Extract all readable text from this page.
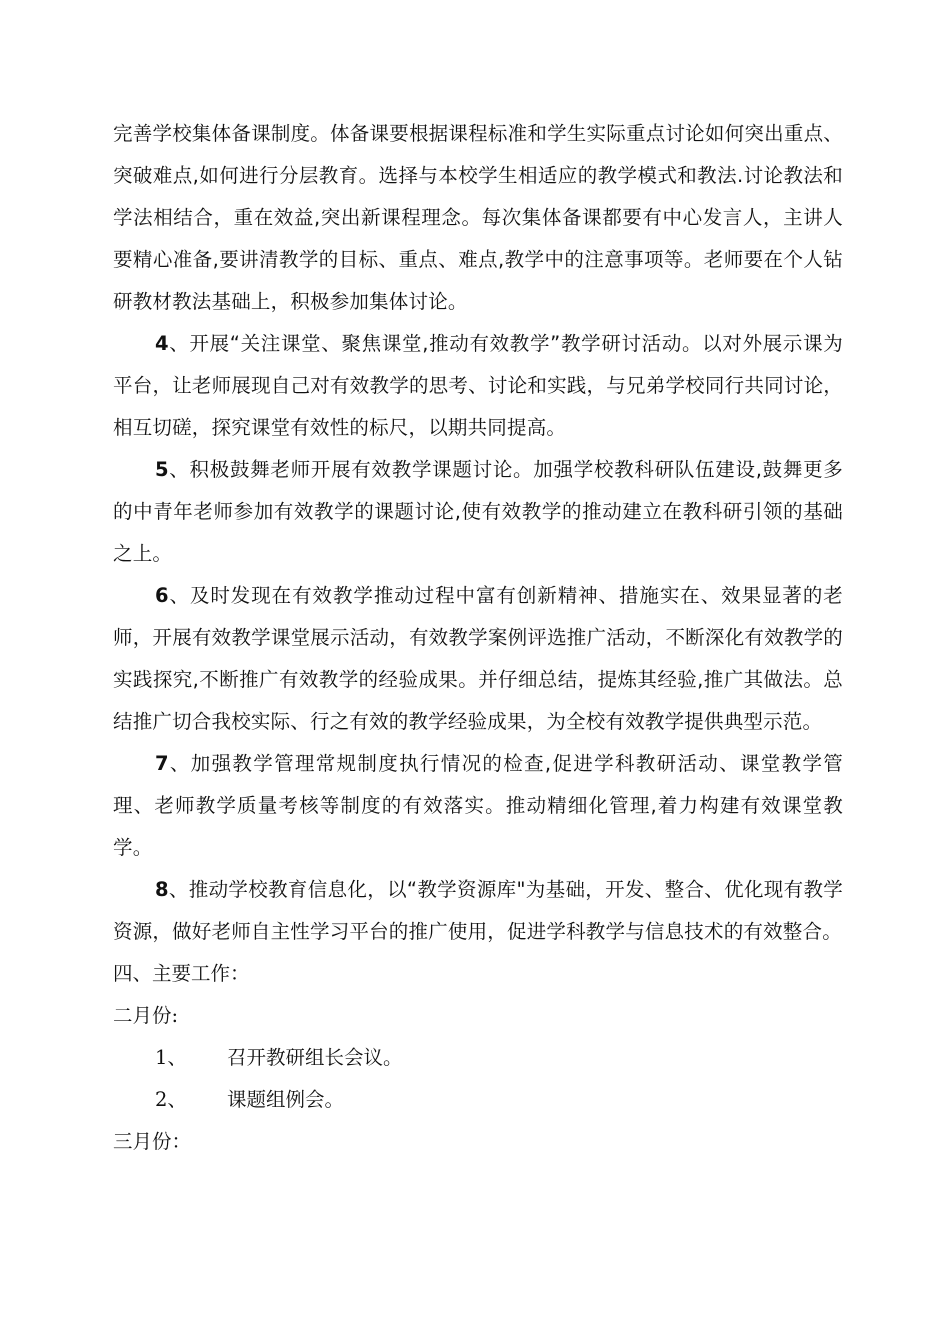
完善学校集体备课制度。体备课要根据课程标准和学生实际重点讨论如何突出重点、突破难点,如何进行分层教育。选择与本校学生相适应的教学模式和教法.讨论教法和学法相结合，重在效益,突出新课程理念。每次集体备课都要有中心发言人，主讲人要精心准备,要讲清教学的目标、重点、难点,教学中的注意事项等。老师要在个人钻研教材教法基础上，积极参加集体讨论。

4、开展“关注课堂、聚焦课堂,推动有效教学”教学研讨活动。以对外展示课为平台，让老师展现自己对有效教学的思考、讨论和实践，与兄弟学校同行共同讨论，相互切磋，探究课堂有效性的标尺，以期共同提高。

5、积极鼓舞老师开展有效教学课题讨论。加强学校教科研队伍建设,鼓舞更多的中青年老师参加有效教学的课题讨论,使有效教学的推动建立在教科研引领的基础之上。

6、及时发现在有效教学推动过程中富有创新精神、措施实在、效果显著的老师，开展有效教学课堂展示活动，有效教学案例评选推广活动，不断深化有效教学的实践探究,不断推广有效教学的经验成果。并仔细总结，提炼其经验,推广其做法。总结推广切合我校实际、行之有效的教学经验成果，为全校有效教学提供典型示范。

7、加强教学管理常规制度执行情况的检查,促进学科教研活动、课堂教学管理、老师教学质量考核等制度的有效落实。推动精细化管理,着力构建有效课堂教学。

8、推动学校教育信息化，以“教学资源库"为基础，开发、整合、优化现有教学资源，做好老师自主性学习平台的推广使用，促进学科教学与信息技术的有效整合。

四、主要工作：

二月份:

1、	召开教研组长会议。

2、	课题组例会。

三月份：
